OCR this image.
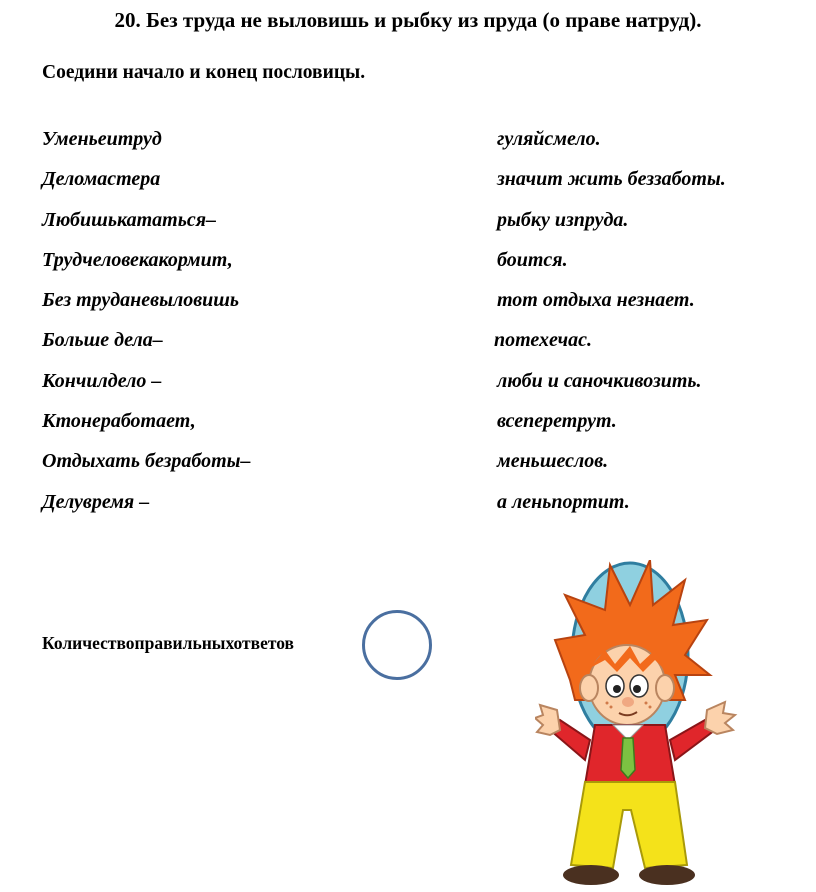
20. Без труда не выловишь и рыбку из пруда (о праве натруд).

Соедини начало и конец пословицы.

Уменьеитруд	гуляйсмело.
Деломастера	значит жить беззаботы.
Любишькататься–	рыбку изпруда.
Трудчеловекакормит,	боится.
Без труданевыловишь	тот отдыха незнает.
Больше дела–	потехечас.
Кончилдело –	люби и саночкивозить.
Ктонеработает,	всеперетрут.
Отдыхать безработы–	меньшеслов.
Делувремя –	а леньпортит.

Количествоправильныхответов
